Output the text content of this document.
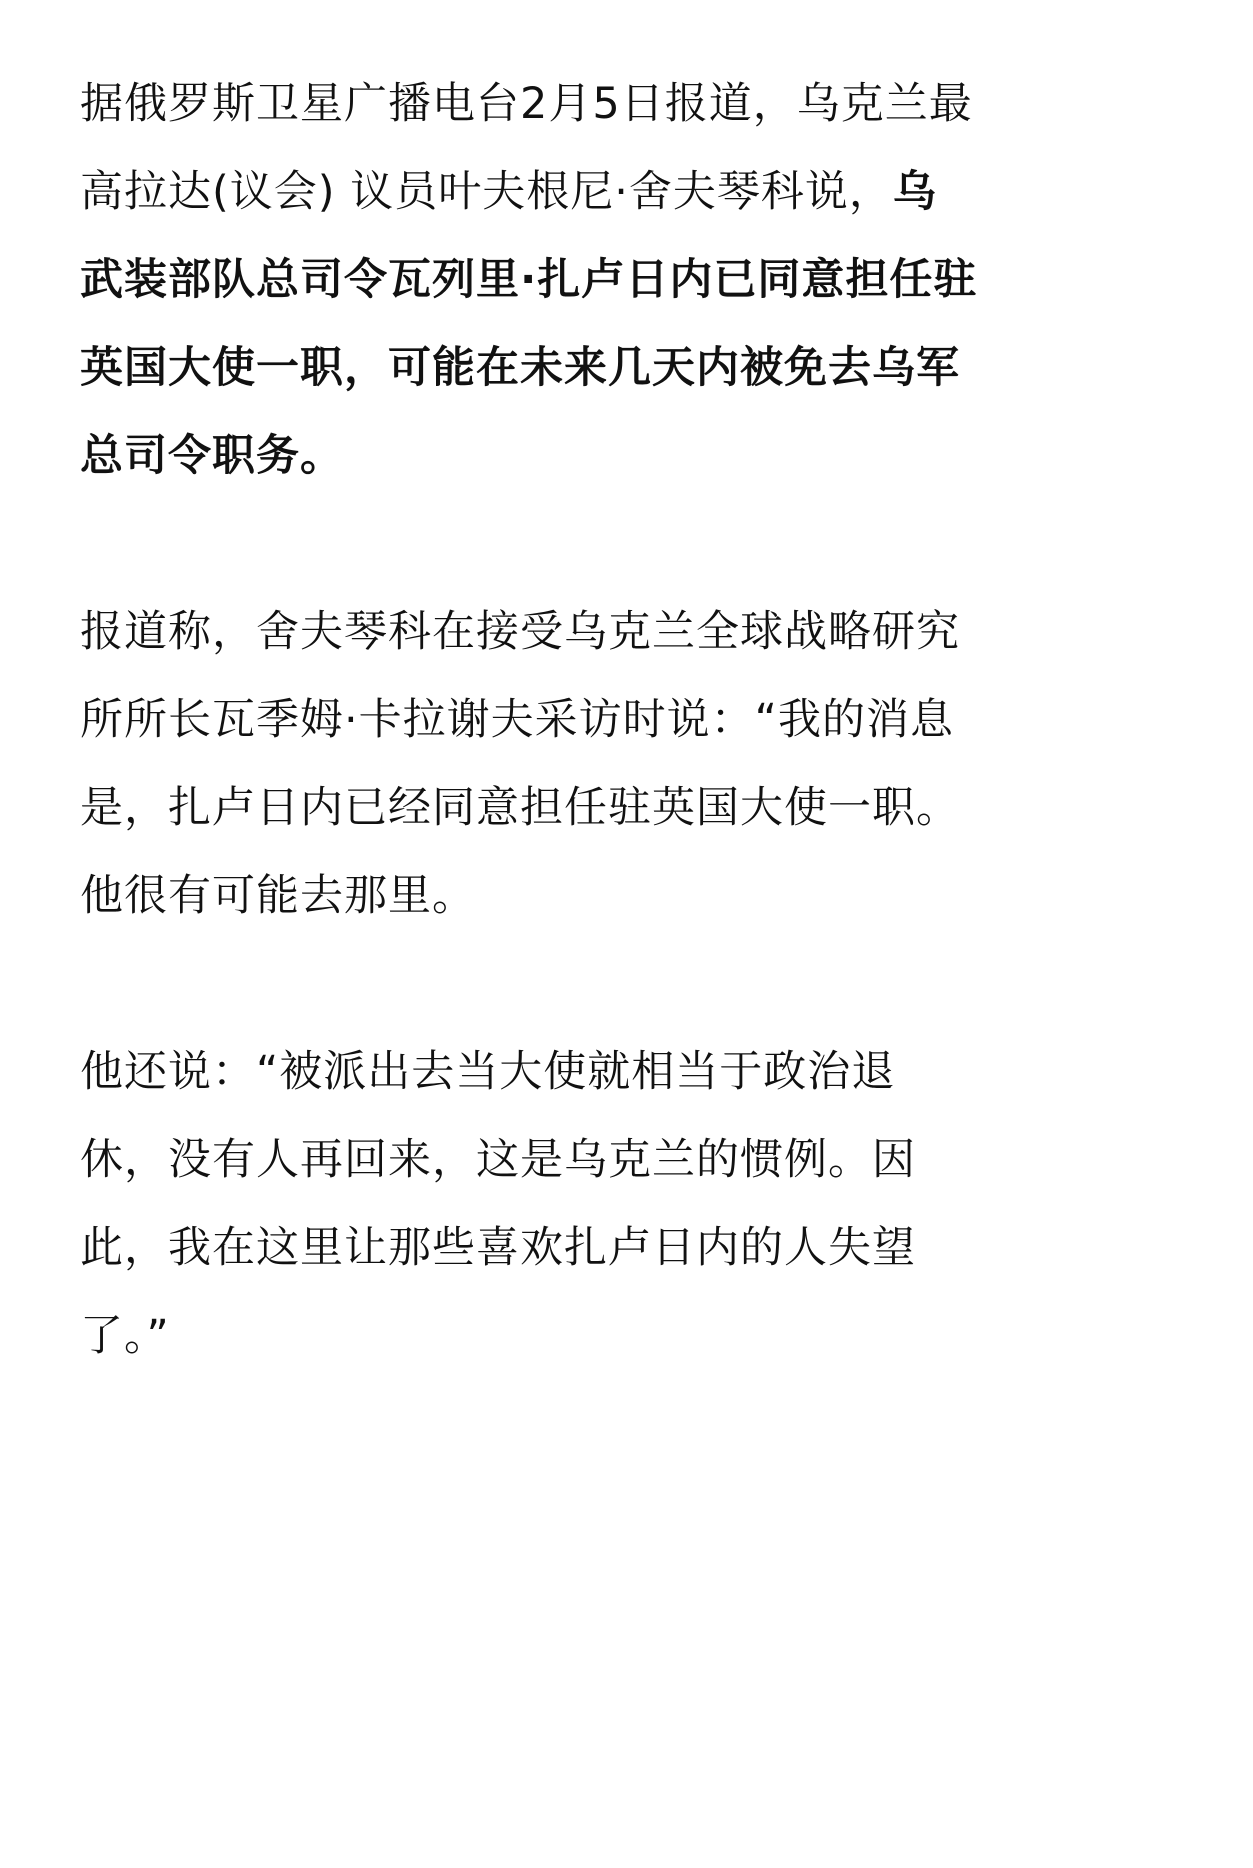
据俄罗斯卫星广播电台2月5日报道，乌克兰最高拉达(议会) 议员叶夫根尼·舍夫琴科说，乌武装部队总司令瓦列里·扎卢日内已同意担任驻英国大使一职，可能在未来几天内被免去乌军总司令职务。

报道称，舍夫琴科在接受乌克兰全球战略研究所所长瓦季姆·卡拉谢夫采访时说：“我的消息是，扎卢日内已经同意担任驻英国大使一职。他很有可能去那里。

他还说：“被派出去当大使就相当于政治退休，没有人再回来，这是乌克兰的惯例。因此，我在这里让那些喜欢扎卢日内的人失望了。”
